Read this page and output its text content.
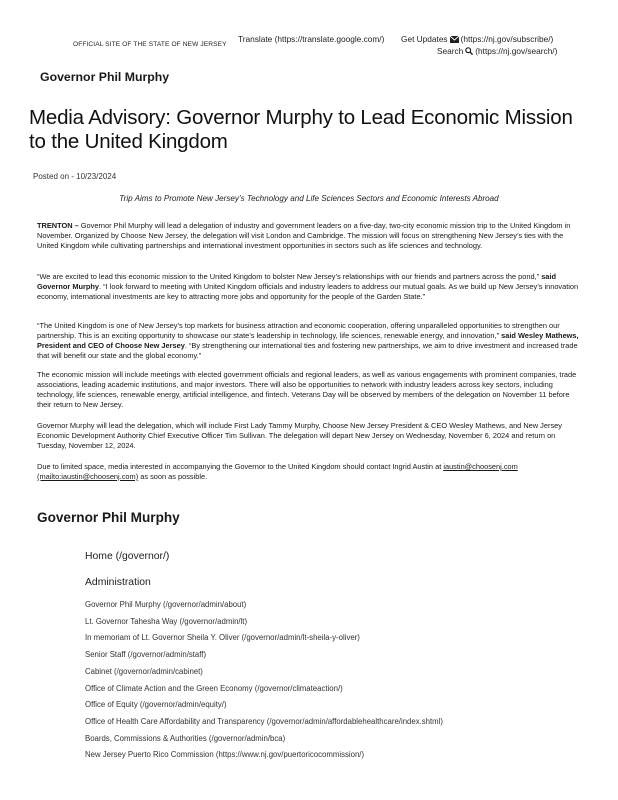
OFFICIAL SITE OF THE STATE OF NEW JERSEY
Translate (https://translate.google.com/) Get Updates (https://nj.gov/subscribe/)
Search (https://nj.gov/search/)
Governor Phil Murphy
Media Advisory: Governor Murphy to Lead Economic Mission to the United Kingdom
Posted on - 10/23/2024
Trip Aims to Promote New Jersey’s Technology and Life Sciences Sectors and Economic Interests Abroad

TRENTON – Governor Phil Murphy will lead a delegation of industry and government leaders on a five-day, two-city economic mission trip to the United Kingdom in November. Organized by Choose New Jersey, the delegation will visit London and Cambridge. The mission will focus on strengthening New Jersey’s ties with the United Kingdom while cultivating partnerships and international investment opportunities in sectors such as life sciences and technology.

“We are excited to lead this economic mission to the United Kingdom to bolster New Jersey’s relationships with our friends and partners across the pond,” said Governor Murphy. “I look forward to meeting with United Kingdom officials and industry leaders to address our mutual goals. As we build up New Jersey’s innovation economy, international investments are key to attracting more jobs and opportunity for the people of the Garden State.”

“The United Kingdom is one of New Jersey’s top markets for business attraction and economic cooperation, offering unparalleled opportunities to strengthen our partnership. This is an exciting opportunity to showcase our state’s leadership in technology, life sciences, renewable energy, and innovation,” said Wesley Mathews, President and CEO of Choose New Jersey. “By strengthening our international ties and fostering new partnerships, we aim to drive investment and increased trade that will benefit our state and the global economy.”

The economic mission will include meetings with elected government officials and regional leaders, as well as various engagements with prominent companies, trade associations, leading academic institutions, and major investors. There will also be opportunities to network with industry leaders across key sectors, including technology, life sciences, renewable energy, artificial intelligence, and fintech. Veterans Day will be observed by members of the delegation on November 11 before their return to New Jersey.

Governor Murphy will lead the delegation, which will include First Lady Tammy Murphy, Choose New Jersey President & CEO Wesley Mathews, and New Jersey Economic Development Authority Chief Executive Officer Tim Sullivan. The delegation will depart New Jersey on Wednesday, November 6, 2024 and return on Tuesday, November 12, 2024.

Due to limited space, media interested in accompanying the Governor to the United Kingdom should contact Ingrid Austin at iaustin@choosenj.com (mailto:iaustin@choosenj.com) as soon as possible.

Governor Phil Murphy
Home (/governor/)
Administration
Governor Phil Murphy (/governor/admin/about)
Lt. Governor Tahesha Way (/governor/admin/lt)
In memoriam of Lt. Governor Sheila Y. Oliver (/governor/admin/lt-sheila-y-oliver)
Senior Staff (/governor/admin/staff)
Cabinet (/governor/admin/cabinet)
Office of Climate Action and the Green Economy (/governor/climateaction/)
Office of Equity (/governor/admin/equity/)
Office of Health Care Affordability and Transparency (/governor/admin/affordablehealthcare/index.shtml)
Boards, Commissions & Authorities (/governor/admin/bca)
New Jersey Puerto Rico Commission (https://www.nj.gov/puertoricocommission/)
